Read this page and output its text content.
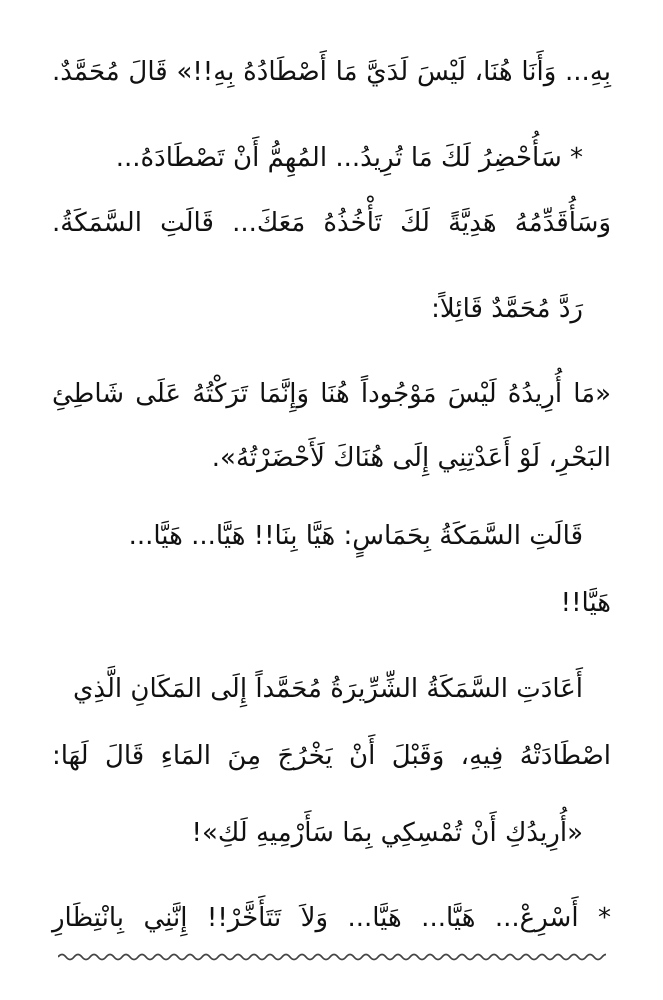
بِهِ... وَأَنَا هُنَا، لَيْسَ لَدَيَّ مَا أَصْطَادُهُ بِهِ!!» قَالَ مُحَمَّدٌ.
* سَأُحْضِرُ لَكَ مَا تُرِيدُ... المُهِمُّ أَنْ تَصْطَادَهُ...
وَسَأُقَدِّمُهُ هَدِيَّةً لَكَ تَأْخُذُهُ مَعَكَ... قَالَتِ السَّمَكَةُ.
رَدَّ مُحَمَّدٌ قَائِلاً:
«مَا أُرِيدُهُ لَيْسَ مَوْجُوداً هُنَا وَإِنَّمَا تَرَكْتُهُ عَلَى شَاطِئِ
البَحْرِ، لَوْ أَعَدْتِنِي إِلَى هُنَاكَ لَأَحْضَرْتُهُ».
قَالَتِ السَّمَكَةُ بِحَمَاسٍ: هَيَّا بِنَا!! هَيَّا... هَيَّا...
هَيَّا!!
أَعَادَتِ السَّمَكَةُ الشِّرِّيرَةُ مُحَمَّداً إِلَى المَكَانِ الَّذِي
اصْطَادَتْهُ فِيهِ، وَقَبْلَ أَنْ يَخْرُجَ مِنَ المَاءِ قَالَ لَهَا:
«أُرِيدُكِ أَنْ تُمْسِكِي بِمَا سَأَرْمِيهِ لَكِ»!
* أَسْرِعْ... هَيَّا... هَيَّا... وَلاَ تَتَأَخَّرْ!! إِنَّنِي بِانْتِظَارِ
